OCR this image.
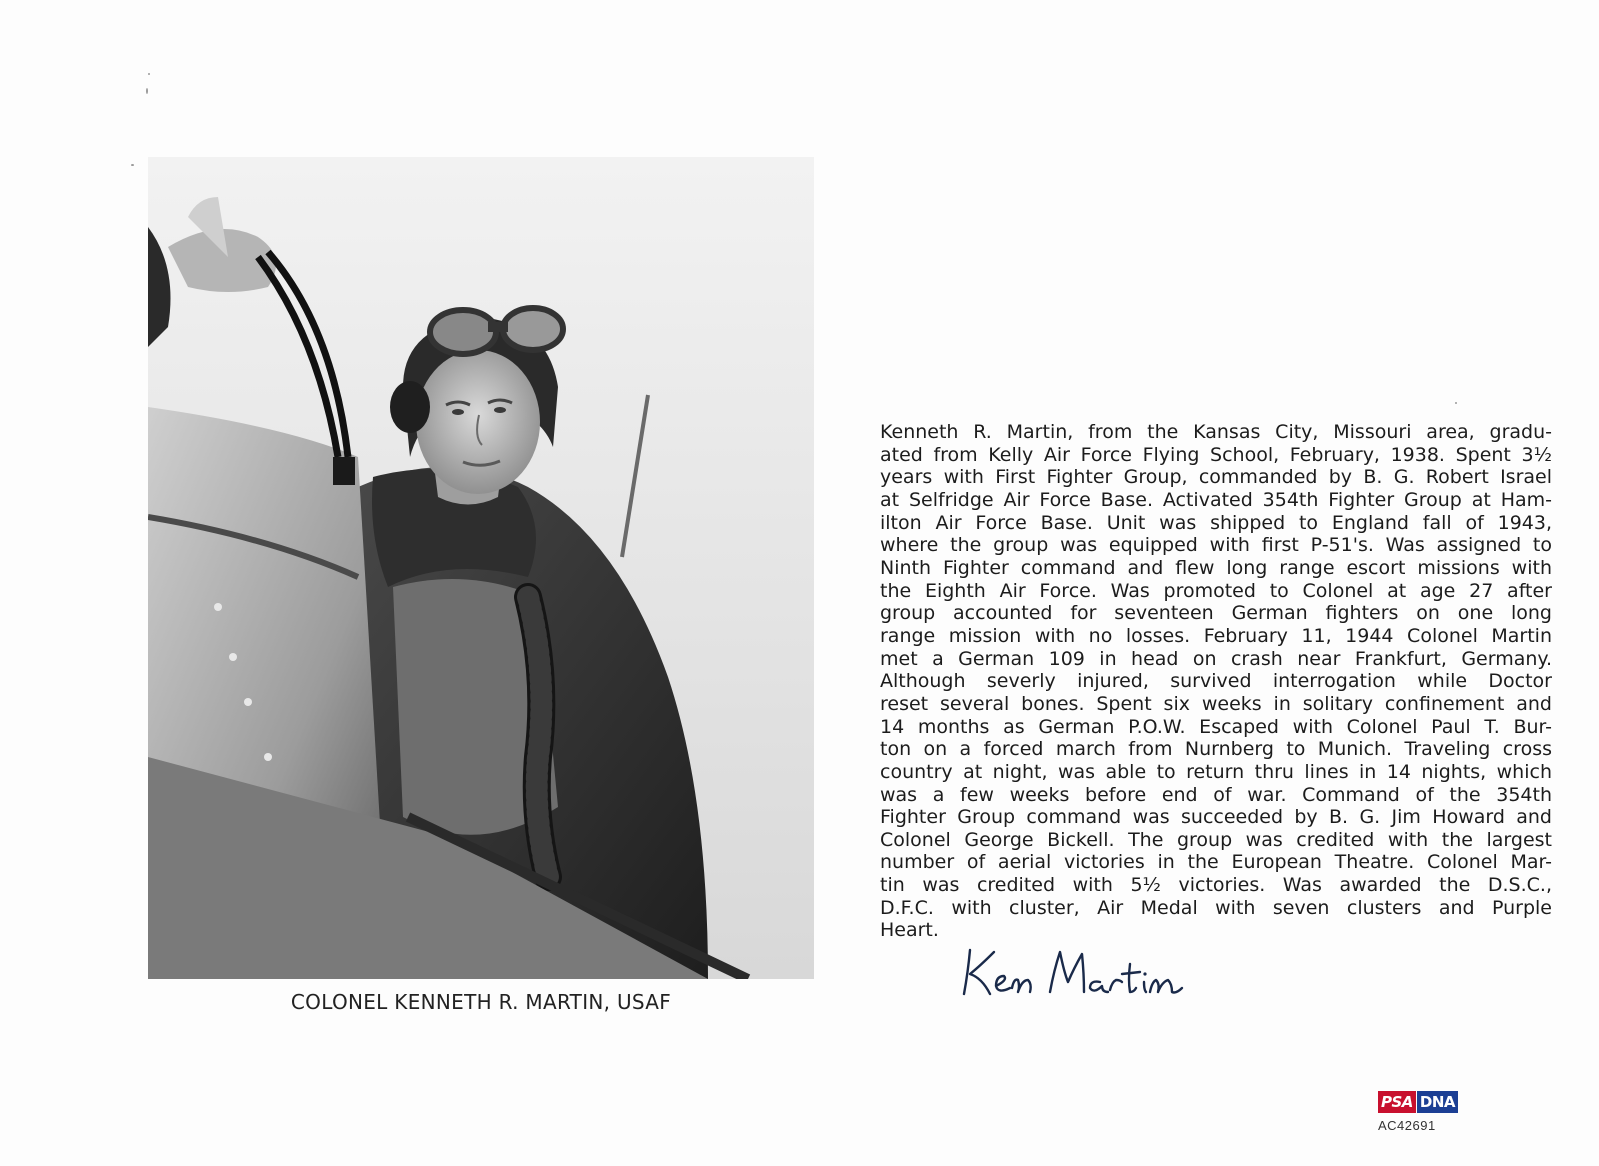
COLONEL KENNETH R. MARTIN, USAF
Kenneth R. Martin, from the Kansas City, Missouri area, gradu-
ated from Kelly Air Force Flying School, February, 1938. Spent 3½
years with First Fighter Group, commanded by B. G. Robert Israel
at Selfridge Air Force Base. Activated 354th Fighter Group at Ham-
ilton Air Force Base. Unit was shipped to England fall of 1943,
where the group was equipped with first P-51's. Was assigned to
Ninth Fighter command and flew long range escort missions with
the Eighth Air Force. Was promoted to Colonel at age 27 after
group accounted for seventeen German fighters on one long
range mission with no losses. February 11, 1944 Colonel Martin
met a German 109 in head on crash near Frankfurt, Germany.
Although severly injured, survived interrogation while Doctor
reset several bones. Spent six weeks in solitary confinement and
14 months as German P.O.W. Escaped with Colonel Paul T. Bur-
ton on a forced march from Nurnberg to Munich. Traveling cross
country at night, was able to return thru lines in 14 nights, which
was a few weeks before end of war. Command of the 354th
Fighter Group command was succeeded by B. G. Jim Howard and
Colonel George Bickell. The group was credited with the largest
number of aerial victories in the European Theatre. Colonel Mar-
tin was credited with 5½ victories. Was awarded the D.S.C.,
D.F.C. with cluster, Air Medal with seven clusters and Purple
Heart.
PSA DNA
AC42691
